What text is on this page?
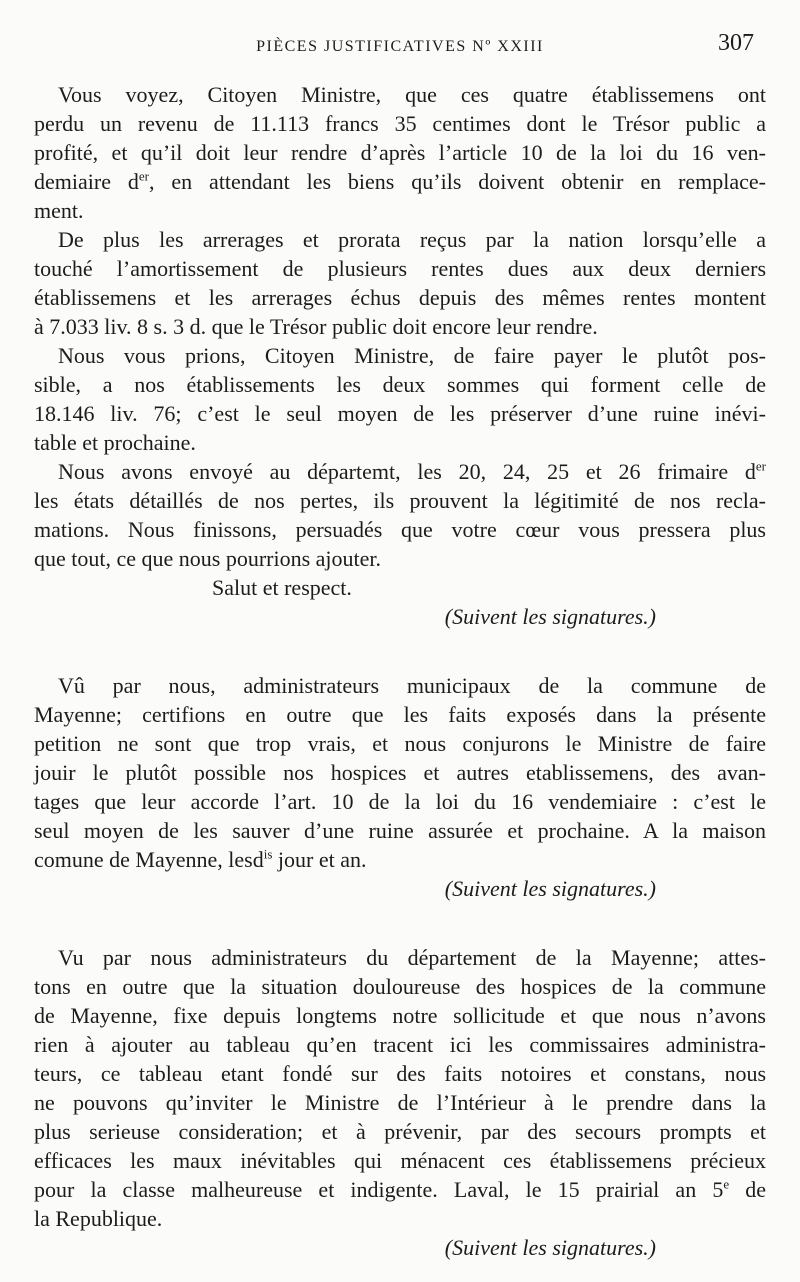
PIÈCES JUSTIFICATIVES Nº XXIII	307
Vous voyez, Citoyen Ministre, que ces quatre établissemens ont
perdu un revenu de 11.113 francs 35 centimes dont le Trésor public a
profité, et qu’il doit leur rendre d’après l’article 10 de la loi du 16 ven-
demiaire $d^{er}$, en attendant les biens qu’ils doivent obtenir en remplace-
ment.
De plus les arrerages et prorata reçus par la nation lorsqu’elle a
touché l’amortissement de plusieurs rentes dues aux deux derniers
établissemens et les arrerages échus depuis des mêmes rentes montent
à 7.033 liv. 8 s. 3 d. que le Trésor public doit encore leur rendre.
Nous vous prions, Citoyen Ministre, de faire payer le plutôt pos-
sible, a nos établissements les deux sommes qui forment celle de
18.146 liv. 76; c’est le seul moyen de les préserver d’une ruine inévi-
table et prochaine.
Nous avons envoyé au départemt, les 20, 24, 25 et 26 frimaire $d^{er}$
les états détaillés de nos pertes, ils prouvent la légitimité de nos recla-
mations. Nous finissons, persuadés que votre cœur vous pressera plus
que tout, ce que nous pourrions ajouter.
Salut et respect.
(Suivent les signatures.)
Vû par nous, administrateurs municipaux de la commune de
Mayenne; certifions en outre que les faits exposés dans la présente
petition ne sont que trop vrais, et nous conjurons le Ministre de faire
jouir le plutôt possible nos hospices et autres etablissemens, des avan-
tages que leur accorde l’art. 10 de la loi du 16 vendemiaire : c’est le
seul moyen de les sauver d’une ruine assurée et prochaine. A la maison
comune de Mayenne, lesd$^{is}$ jour et an.
(Suivent les signatures.)
Vu par nous administrateurs du département de la Mayenne; attes-
tons en outre que la situation douloureuse des hospices de la commune
de Mayenne, fixe depuis longtems notre sollicitude et que nous n’avons
rien à ajouter au tableau qu’en tracent ici les commissaires administra-
teurs, ce tableau etant fondé sur des faits notoires et constans, nous
ne pouvons qu’inviter le Ministre de l’Intérieur à le prendre dans la
plus serieuse consideration; et à prévenir, par des secours prompts et
efficaces les maux inévitables qui ménacent ces établissemens précieux
pour la classe malheureuse et indigente. Laval, le 15 prairial an 5e de
la Republique.
(Suivent les signatures.)
